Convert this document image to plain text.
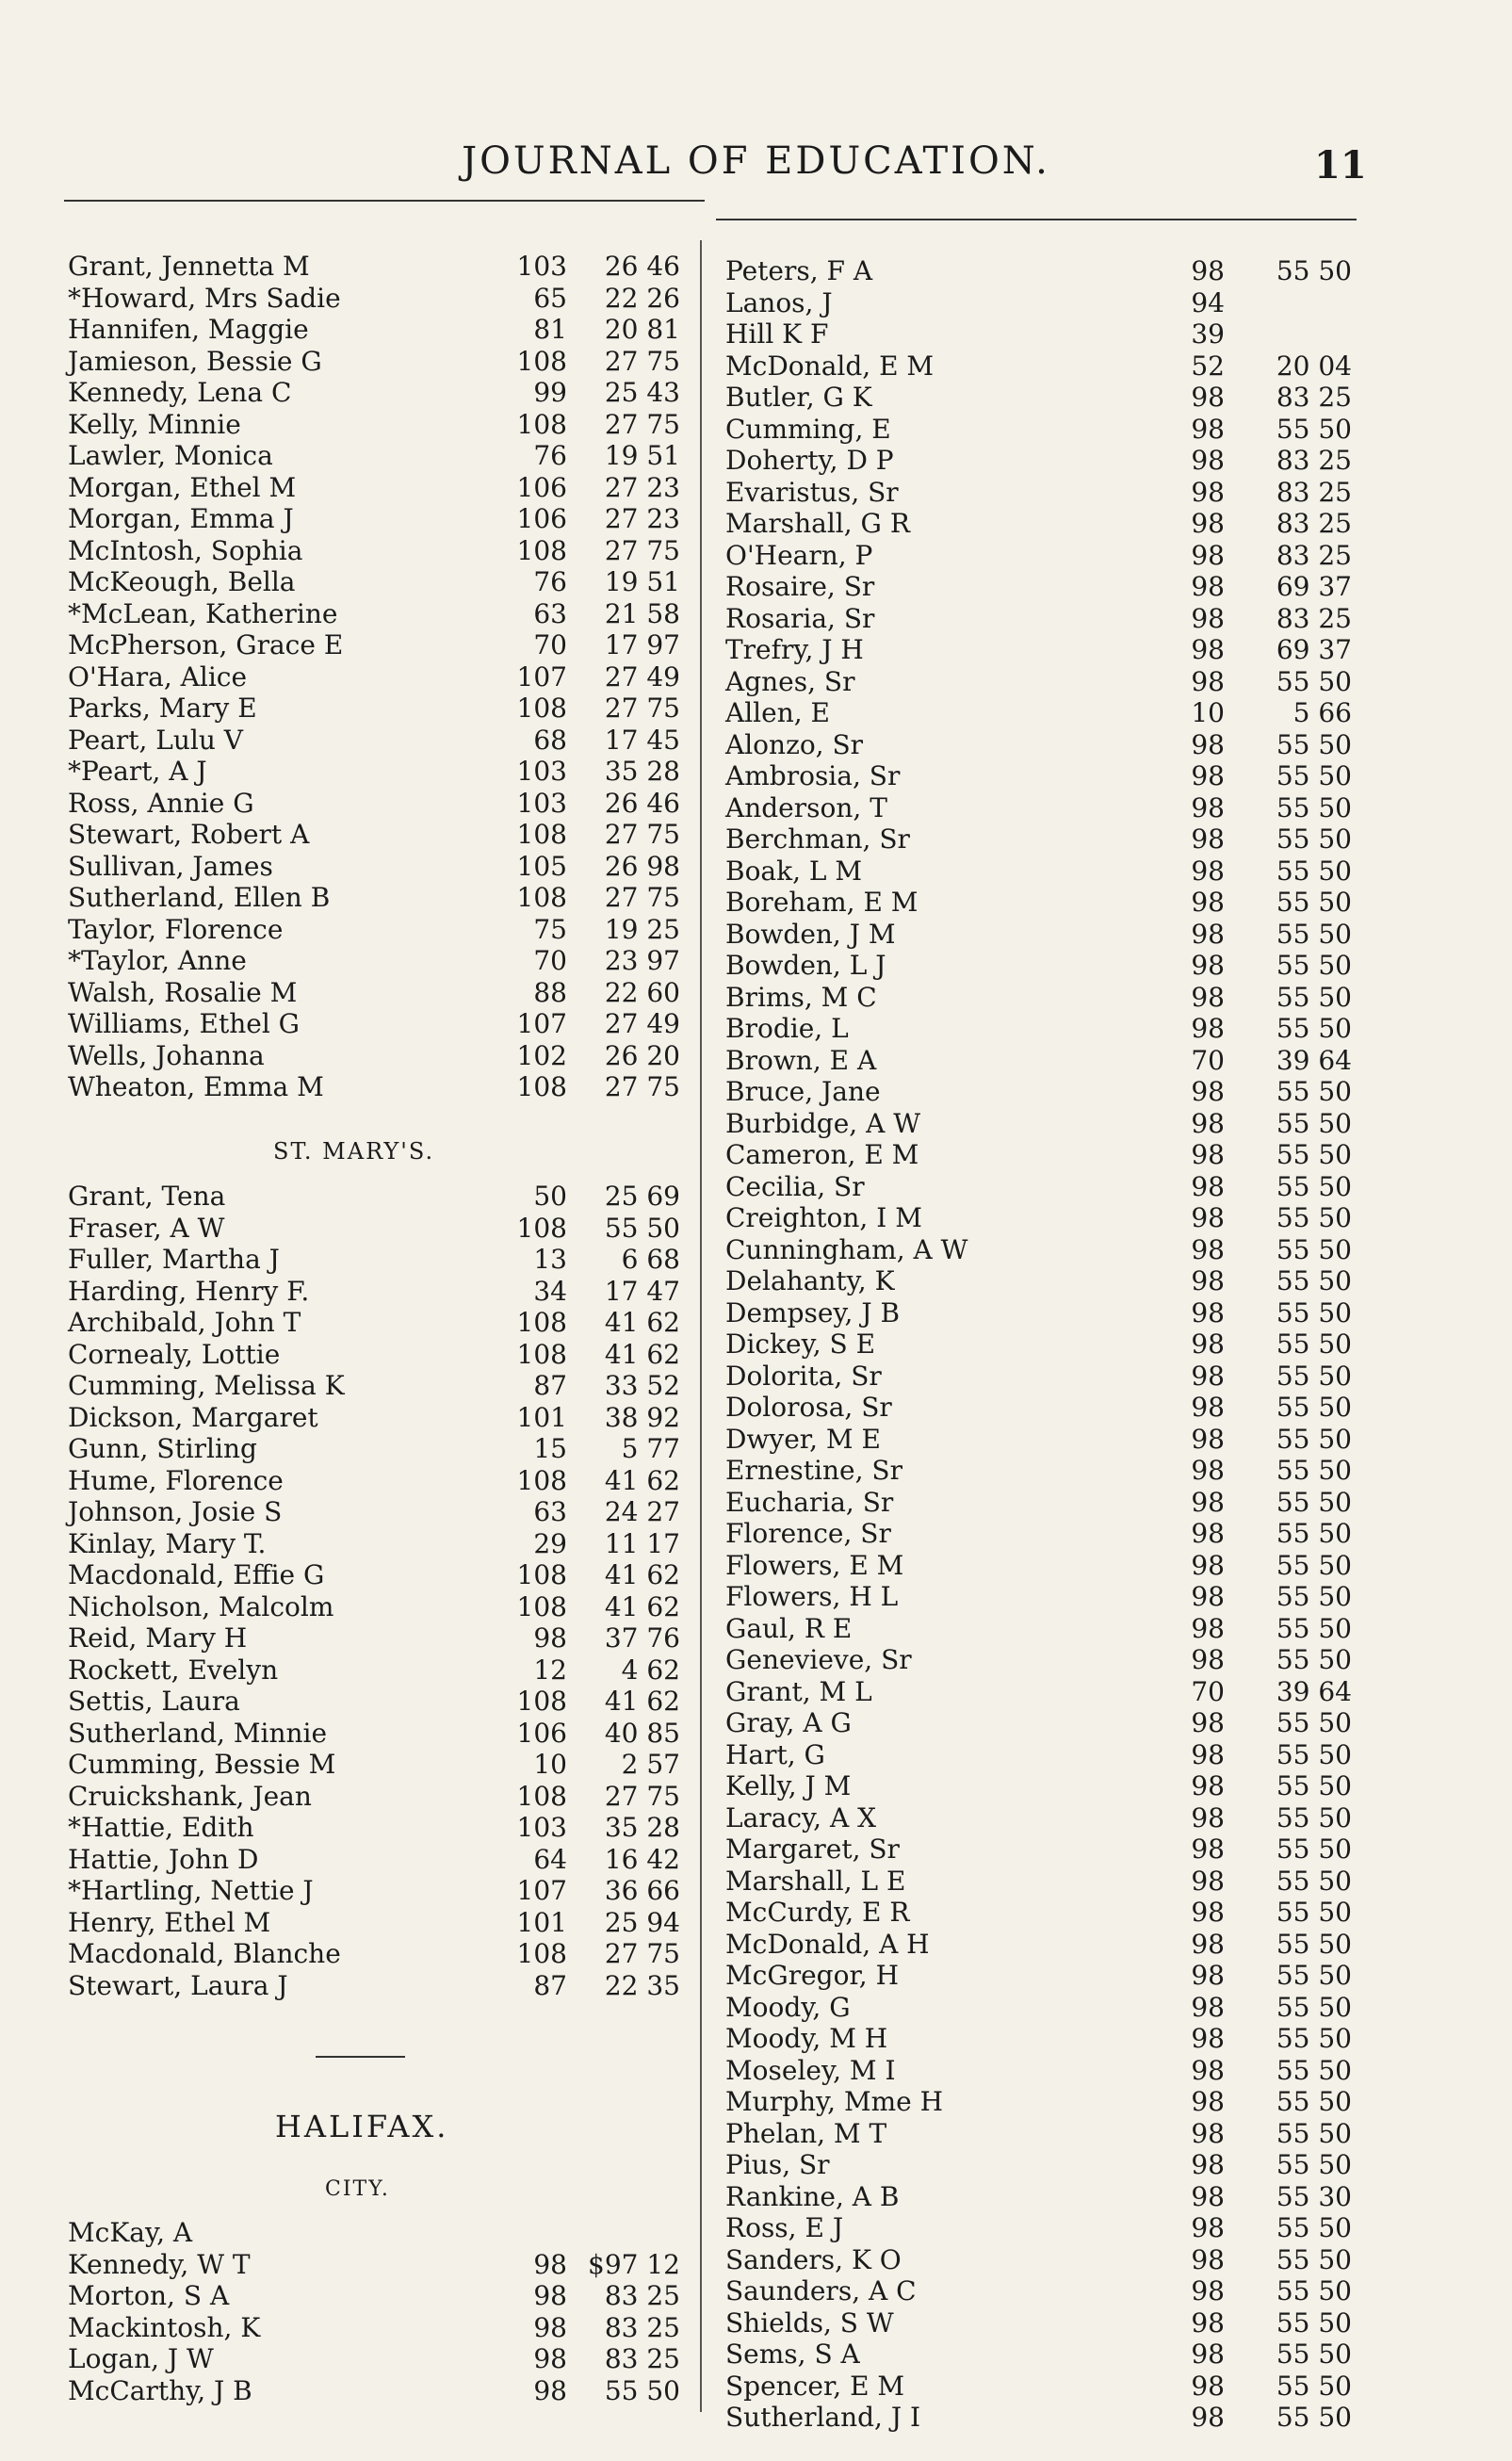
JOURNAL OF EDUCATION.	11
Grant, Jennetta M	103	26 46
*Howard, Mrs Sadie	65	22 26
Hannifen, Maggie	81	20 81
Jamieson, Bessie G	108	27 75
Kennedy, Lena C	99	25 43
Kelly, Minnie	108	27 75
Lawler, Monica	76	19 51
Morgan, Ethel M	106	27 23
Morgan, Emma J	106	27 23
McIntosh, Sophia	108	27 75
McKeough, Bella	76	19 51
*McLean, Katherine	63	21 58
McPherson, Grace E	70	17 97
O'Hara, Alice	107	27 49
Parks, Mary E	108	27 75
Peart, Lulu V	68	17 45
*Peart, A J	103	35 28
Ross, Annie G	103	26 46
Stewart, Robert A	108	27 75
Sullivan, James	105	26 98
Sutherland, Ellen B	108	27 75
Taylor, Florence	75	19 25
*Taylor, Anne	70	23 97
Walsh, Rosalie M	88	22 60
Williams, Ethel G	107	27 49
Wells, Johanna	102	26 20
Wheaton, Emma M	108	27 75
ST. MARY'S.
Grant, Tena	50	25 69
Fraser, A W	108	55 50
Fuller, Martha J	13	6 68
Harding, Henry F.	34	17 47
Archibald, John T	108	41 62
Cornealy, Lottie	108	41 62
Cumming, Melissa K	87	33 52
Dickson, Margaret	101	38 92
Gunn, Stirling	15	5 77
Hume, Florence	108	41 62
Johnson, Josie S	63	24 27
Kinlay, Mary T.	29	11 17
Macdonald, Effie G	108	41 62
Nicholson, Malcolm	108	41 62
Reid, Mary H	98	37 76
Rockett, Evelyn	12	4 62
Settis, Laura	108	41 62
Sutherland, Minnie	106	40 85
Cumming, Bessie M	10	2 57
Cruickshank, Jean	108	27 75
*Hattie, Edith	103	35 28
Hattie, John D	64	16 42
*Hartling, Nettie J	107	36 66
Henry, Ethel M	101	25 94
Macdonald, Blanche	108	27 75
Stewart, Laura J	87	22 35
HALIFAX.
CITY.
McKay, A
Kennedy, W T	98 $97 12
Morton, S A	98	83 25
Mackintosh, K	98	83 25
Logan, J W	98	83 25
McCarthy, J B	98	55 50
Peters, F A	98	55 50
Lanos, J	94
Hill K F	39
McDonald, E M	52	20 04
Butler, G K	98	83 25
Cumming, E	98	55 50
Doherty, D P	98	83 25
Evaristus, Sr	98	83 25
Marshall, G R	98	83 25
O'Hearn, P	98	83 25
Rosaire, Sr	98	69 37
Rosaria, Sr	98	83 25
Trefry, J H	98	69 37
Agnes, Sr	98	55 50
Allen, E	10	5 66
Alonzo, Sr	98	55 50
Ambrosia, Sr	98	55 50
Anderson, T	98	55 50
Berchman, Sr	98	55 50
Boak, L M	98	55 50
Boreham, E M	98	55 50
Bowden, J M	98	55 50
Bowden, L J	98	55 50
Brims, M C	98	55 50
Brodie, L	98	55 50
Brown, E A	70	39 64
Bruce, Jane	98	55 50
Burbidge, A W	98	55 50
Cameron, E M	98	55 50
Cecilia, Sr	98	55 50
Creighton, I M	98	55 50
Cunningham, A W	98	55 50
Delahanty, K	98	55 50
Dempsey, J B	98	55 50
Dickey, S E	98	55 50
Dolorita, Sr	98	55 50
Dolorosa, Sr	98	55 50
Dwyer, M E	98	55 50
Ernestine, Sr	98	55 50
Eucharia, Sr	98	55 50
Florence, Sr	98	55 50
Flowers, E M	98	55 50
Flowers, H L	98	55 50
Gaul, R E	98	55 50
Genevieve, Sr	98	55 50
Grant, M L	70	39 64
Gray, A G	98	55 50
Hart, G	98	55 50
Kelly, J M	98	55 50
Laracy, A X	98	55 50
Margaret, Sr	98	55 50
Marshall, L E	98	55 50
McCurdy, E R	98	55 50
McDonald, A H	98	55 50
McGregor, H	98	55 50
Moody, G	98	55 50
Moody, M H	98	55 50
Moseley, M I	98	55 50
Murphy, Mme H	98	55 50
Phelan, M T	98	55 50
Pius, Sr	98	55 50
Rankine, A B	98	55 30
Ross, E J	98	55 50
Sanders, K O	98	55 50
Saunders, A C	98	55 50
Shields, S W	98	55 50
Sems, S A	98	55 50
Spencer, E M	98	55 50
Sutherland, J I	98	55 50
